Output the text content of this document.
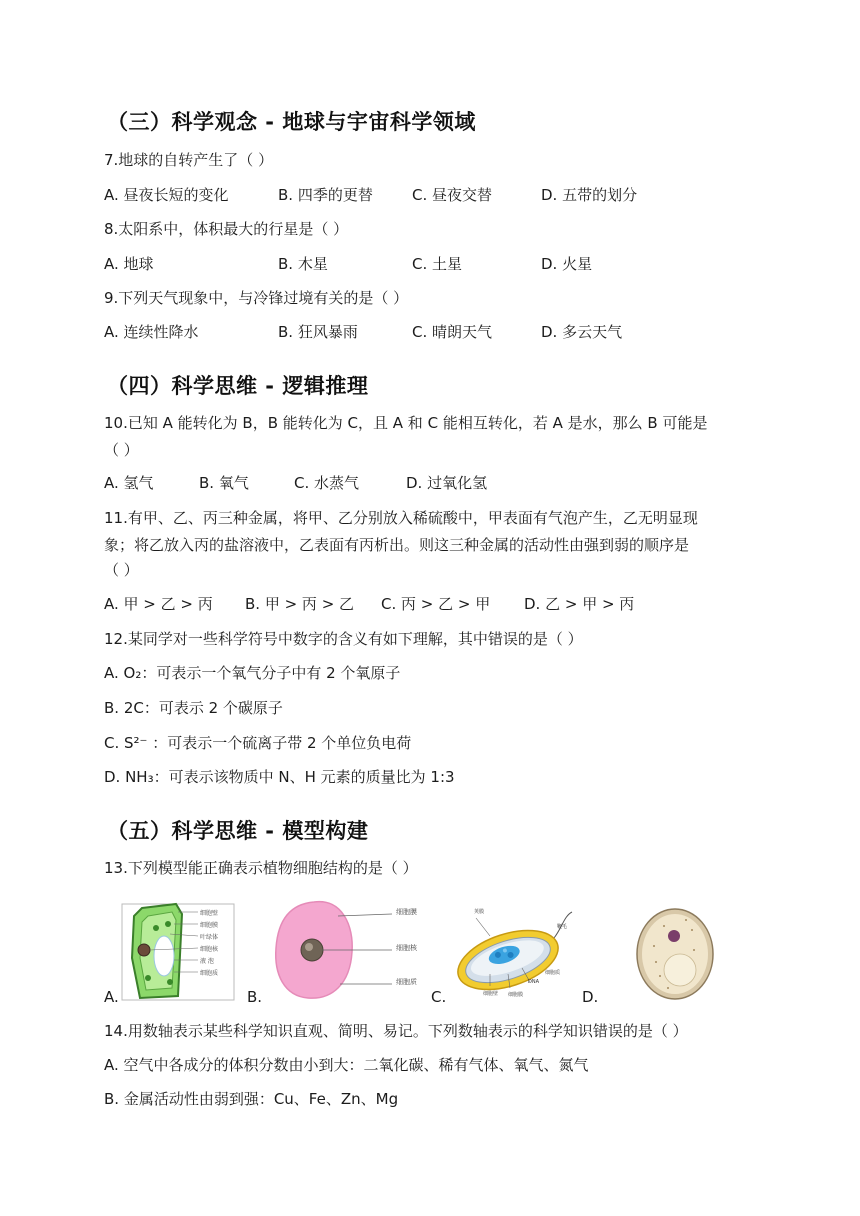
（三）科学观念 - 地球与宇宙科学领域
7.地球的自转产生了（ ）
A. 昼夜长短的变化	B. 四季的更替	C. 昼夜交替	D. 五带的划分
8.太阳系中，体积最大的行星是（ ）
A. 地球	B. 木星	C. 土星	D. 火星
9.下列天气现象中，与冷锋过境有关的是（ ）
A. 连续性降水	B. 狂风暴雨	C. 晴朗天气	D. 多云天气
（四）科学思维 - 逻辑推理
10.已知 A 能转化为 B，B 能转化为 C，且 A 和 C 能相互转化，若 A 是水，那么 B 可能是
（ ）
A. 氢气	B. 氧气	C. 水蒸气	D. 过氧化氢
11.有甲、乙、丙三种金属，将甲、乙分别放入稀硫酸中，甲表面有气泡产生，乙无明显现
象；将乙放入丙的盐溶液中，乙表面有丙析出。则这三种金属的活动性由强到弱的顺序是
（ ）
A. 甲 > 乙 > 丙 B. 甲 > 丙 > 乙 C. 丙 > 乙 > 甲 D. 乙 > 甲 > 丙
12.某同学对一些科学符号中数字的含义有如下理解，其中错误的是（ ）
A. O₂：可表示一个氧气分子中有 2 个氧原子
B. 2C：可表示 2 个碳原子
C. S²⁻ ：可表示一个硫离子带 2 个单位负电荷
D. NH₃：可表示该物质中 N、H 元素的质量比为 1:3
（五）科学思维 - 模型构建
13.下列模型能正确表示植物细胞结构的是（ ）
A.
细胞壁
细胞膜
叶绿体
细胞核
液 泡
细胞质
B.
细胞膜
细胞核
细胞质
C.
荚膜
鞭毛
细胞壁 细胞膜
细胞质
DNA
D.
14.用数轴表示某些科学知识直观、简明、易记。下列数轴表示的科学知识错误的是（ ）
A. 空气中各成分的体积分数由小到大：二氧化碳、稀有气体、氧气、氮气
B. 金属活动性由弱到强：Cu、Fe、Zn、Mg
